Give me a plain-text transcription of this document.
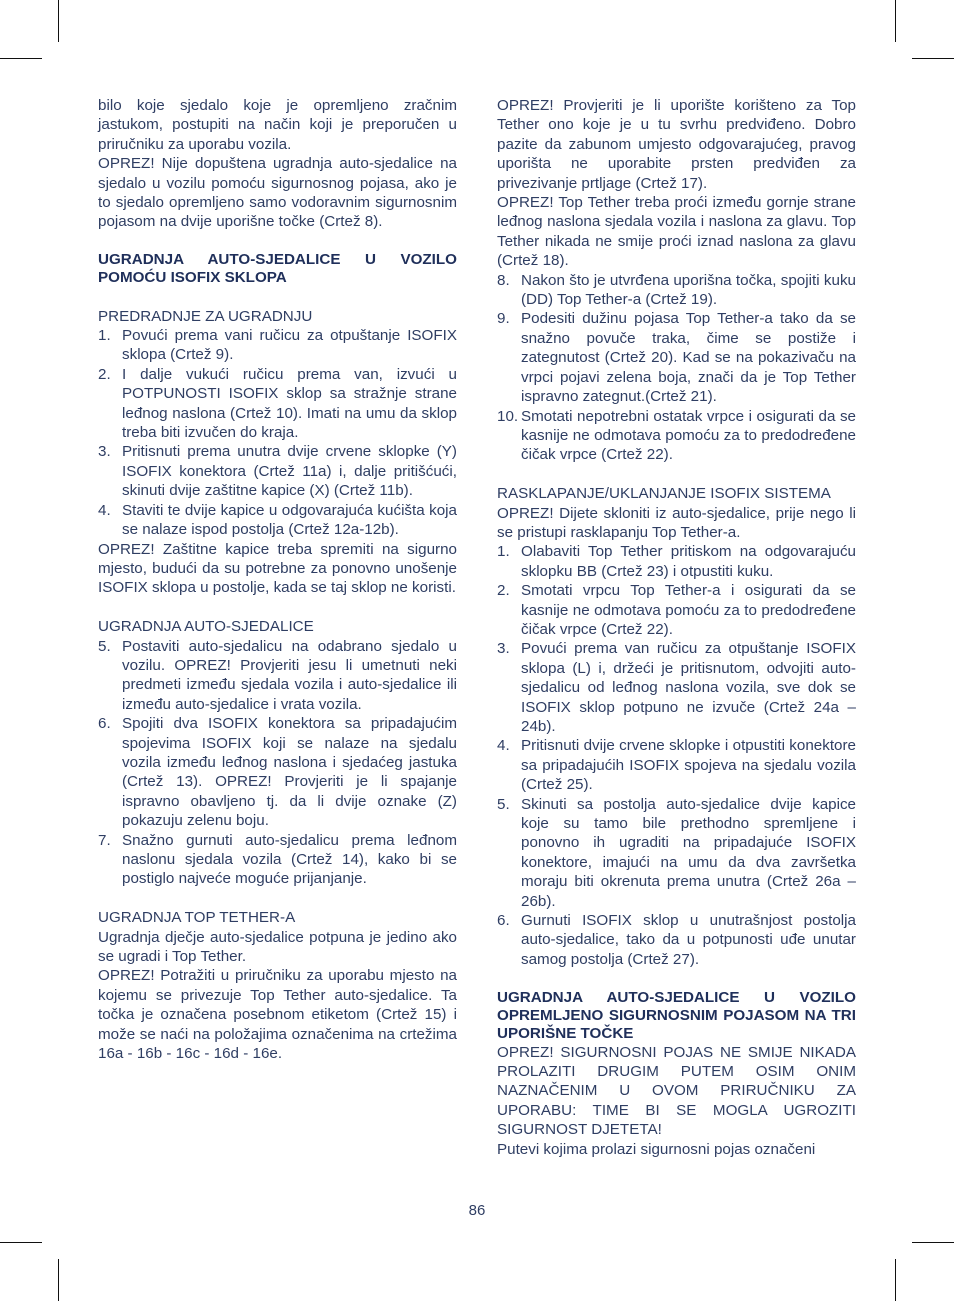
bilo koje sjedalo koje je opremljeno zračnim jastukom, postupiti na način koji je preporučen u priručniku za uporabu vozila.

OPREZ! Nije dopuštena ugradnja auto-sjedalice na sjedalo u vozilu pomoću sigurnosnog pojasa, ako je to sjedalo opremljeno samo vodoravnim sigurnosnim pojasom na dvije uporišne točke (Crtež 8).

UGRADNJA AUTO-SJEDALICE U VOZILO POMOĆU ISOFIX SKLOPA

PREDRADNJE ZA UGRADNJU

1. Povući prema vani ručicu za otpuštanje ISOFIX sklopa (Crtež 9).
2. I dalje vukući ručicu prema van, izvući u POTPUNOSTI ISOFIX sklop sa stražnje strane leđnog naslona (Crtež 10). Imati na umu da sklop treba biti izvučen do kraja.
3. Pritisnuti prema unutra dvije crvene sklopke (Y) ISOFIX konektora (Crtež 11a) i, dalje pritišćući, skinuti dvije zaštitne kapice (X) (Crtež 11b).
4. Staviti te dvije kapice u odgovarajuća kućišta koja se nalaze ispod postolja (Crtež 12a-12b).

OPREZ! Zaštitne kapice treba spremiti na sigurno mjesto, budući da su potrebne za ponovno unošenje ISOFIX sklopa u postolje, kada se taj sklop ne koristi.

UGRADNJA AUTO-SJEDALICE

5. Postaviti auto-sjedalicu na odabrano sjedalo u vozilu. OPREZ! Provjeriti jesu li umetnuti neki predmeti između sjedala vozila i auto-sjedalice ili između auto-sjedalice i vrata vozila.
6. Spojiti dva ISOFIX konektora sa pripadajućim spojevima ISOFIX koji se nalaze na sjedalu vozila između leđnog naslona i sjedaćeg jastuka (Crtež 13). OPREZ! Provjeriti je li spajanje ispravno obavljeno tj. da li dvije oznake (Z) pokazuju zelenu boju.
7. Snažno gurnuti auto-sjedalicu prema leđnom naslonu sjedala vozila (Crtež 14), kako bi se postiglo najveće moguće prijanjanje.

UGRADNJA TOP TETHER-A

Ugradnja dječje auto-sjedalice potpuna je jedino ako se ugradi i Top Tether.

OPREZ! Potražiti u priručniku za uporabu mjesto na kojemu se privezuje Top Tether auto-sjedalice. Ta točka je označena posebnom etiketom (Crtež 15) i može se naći na položajima označenima na crtežima 16a - 16b - 16c - 16d - 16e.

OPREZ! Provjeriti je li uporište korišteno za Top Tether ono koje je u tu svrhu predviđeno. Dobro pazite da zabunom umjesto odgovarajućeg, pravog uporišta ne uporabite prsten predviđen za privezivanje prtljage (Crtež 17).

OPREZ! Top Tether treba proći između gornje strane leđnog naslona sjedala vozila i naslona za glavu. Top Tether nikada ne smije proći iznad naslona za glavu (Crtež 18).

8. Nakon što je utvrđena uporišna točka, spojiti kuku (DD) Top Tether-a (Crtež 19).
9. Podesiti dužinu pojasa Top Tether-a tako da se snažno povuče traka, čime se postiže i zategnutost (Crtež 20). Kad se na pokazivaču na vrpci pojavi zelena boja, znači da je Top Tether ispravno zategnut.(Crtež 21).
10. Smotati nepotrebni ostatak vrpce i osigurati da se kasnije ne odmotava pomoću za to predodređene čičak vrpce (Crtež 22).

RASKLAPANJE/UKLANJANJE ISOFIX SISTEMA

OPREZ! Dijete skloniti iz auto-sjedalice, prije nego li se pristupi rasklapanju Top Tether-a.

1. Olabaviti Top Tether pritiskom na odgovarajuću sklopku BB (Crtež 23) i otpustiti kuku.
2. Smotati vrpcu Top Tether-a i osigurati da se kasnije ne odmotava pomoću za to predodređene čičak vrpce (Crtež 22).
3. Povući prema van ručicu za otpuštanje ISOFIX sklopa (L) i, držeći je pritisnutom, odvojiti auto-sjedalicu od leđnog naslona vozila, sve dok se ISOFIX sklop potpuno ne izvuče (Crtež 24a – 24b).
4. Pritisnuti dvije crvene sklopke i otpustiti konektore sa pripadajućih ISOFIX spojeva na sjedalu vozila (Crtež 25).
5. Skinuti sa postolja auto-sjedalice dvije kapice koje su tamo bile prethodno spremljene i ponovno ih ugraditi na pripadajuće ISOFIX konektore, imajući na umu da dva završetka moraju biti okrenuta prema unutra (Crtež 26a – 26b).
6. Gurnuti ISOFIX sklop u unutrašnjost postolja auto-sjedalice, tako da u potpunosti uđe unutar samog postolja (Crtež 27).
UGRADNJA AUTO-SJEDALICE U VOZILO OPREMLJENO SIGURNOSNIM POJASOM NA TRI UPORIŠNE TOČKE

OPREZ! SIGURNOSNI POJAS NE SMIJE NIKADA PROLAZITI DRUGIM PUTEM OSIM ONIM NAZNAČENIM U OVOM PRIRUČNIKU ZA UPORABU: TIME BI SE MOGLA UGROZITI SIGURNOST DJETETA!

Putevi kojima prolazi sigurnosni pojas označeni

86
